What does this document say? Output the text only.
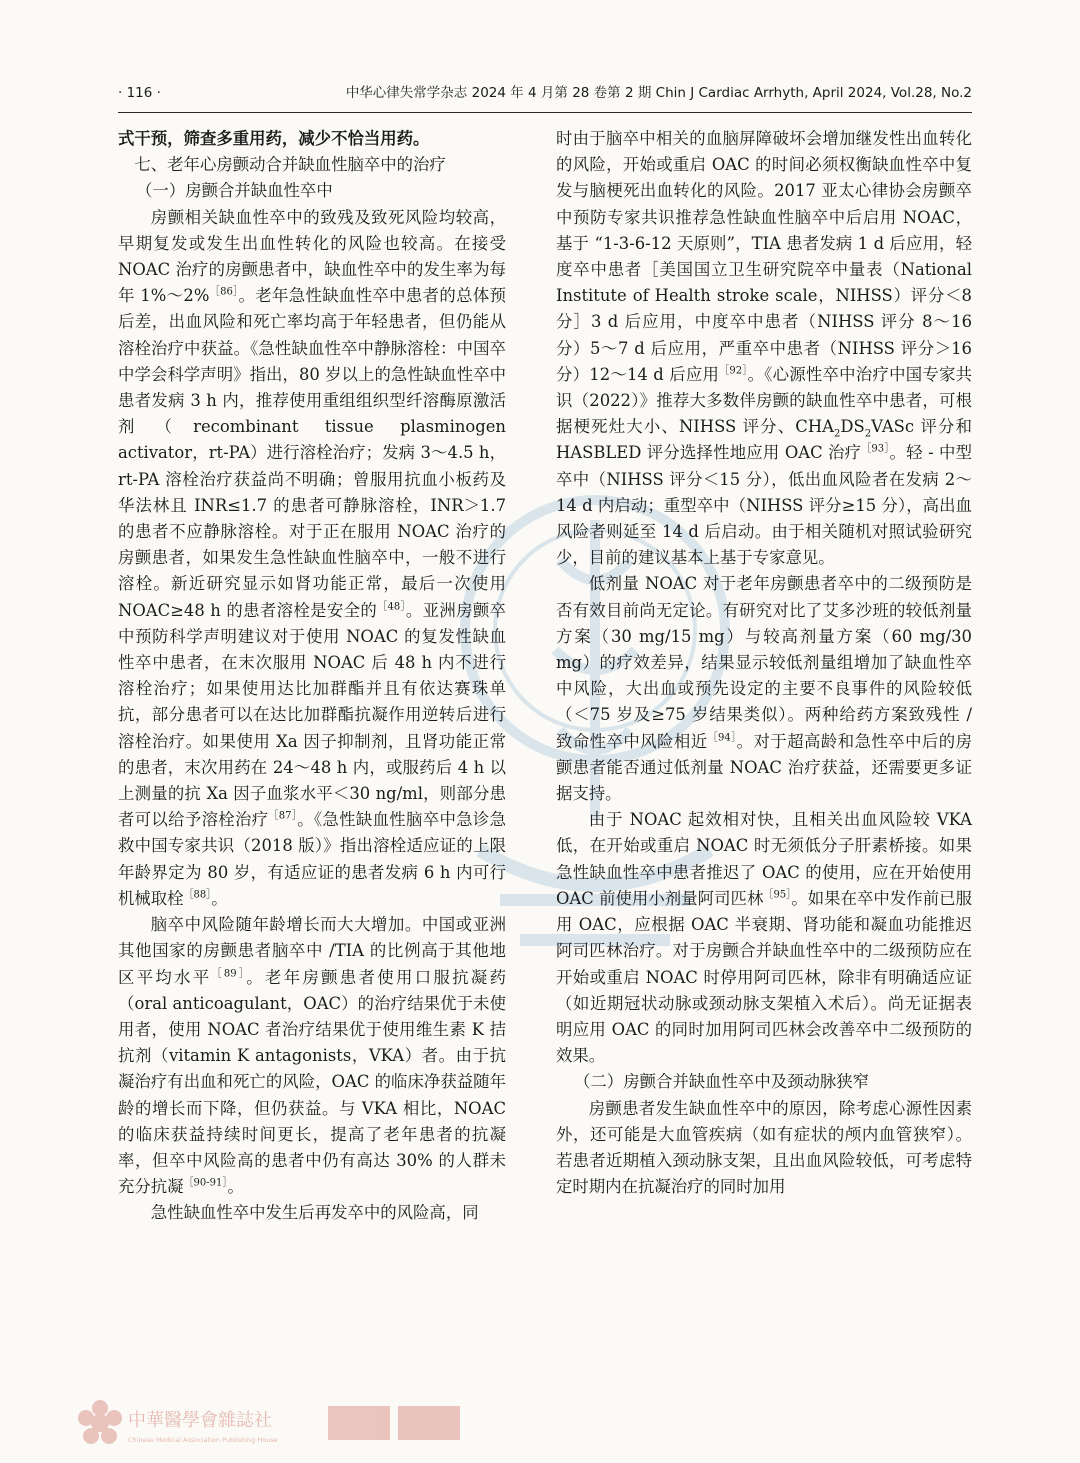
· 116 ·	中华心律失常学杂志 2024 年 4 月第 28 卷第 2 期 Chin J Cardiac Arrhyth, April 2024, Vol.28, No.2

式干预，筛查多重用药，减少不恰当用药。

七、老年心房颤动合并缺血性脑卒中的治疗

（一）房颤合并缺血性卒中

房颤相关缺血性卒中的致残及致死风险均较高，早期复发或发生出血性转化的风险也较高。在接受 NOAC 治疗的房颤患者中，缺血性卒中的发生率为每年 1%～2%$^{[86]}$。老年急性缺血性卒中患者的总体预后差，出血风险和死亡率均高于年轻患者，但仍能从溶栓治疗中获益。《急性缺血性卒中静脉溶栓：中国卒中学会科学声明》指出，80 岁以上的急性缺血性卒中患者发病 3 h 内，推荐使用重组组织型纤溶酶原激活剂（recombinant tissue plasminogen activator，rt-PA）进行溶栓治疗；发病 3～4.5 h，rt-PA 溶栓治疗获益尚不明确；曾服用抗血小板药及华法林且 INR≤1.7 的患者可静脉溶栓，INR＞1.7 的患者不应静脉溶栓。对于正在服用 NOAC 治疗的房颤患者，如果发生急性缺血性脑卒中，一般不进行溶栓。新近研究显示如肾功能正常，最后一次使用 NOAC≥48 h 的患者溶栓是安全的$^{[48]}$。亚洲房颤卒中预防科学声明建议对于使用 NOAC 的复发性缺血性卒中患者，在末次服用 NOAC 后 48 h 内不进行溶栓治疗；如果使用达比加群酯并且有依达赛珠单抗，部分患者可以在达比加群酯抗凝作用逆转后进行溶栓治疗。如果使用 Xa 因子抑制剂，且肾功能正常的患者，末次用药在 24～48 h 内，或服药后 4 h 以上测量的抗 Xa 因子血浆水平＜30 ng/ml，则部分患者可以给予溶栓治疗$^{[87]}$。《急性缺血性脑卒中急诊急救中国专家共识（2018 版）》指出溶栓适应证的上限年龄界定为 80 岁，有适应证的患者发病 6 h 内可行机械取栓$^{[88]}$。

脑卒中风险随年龄增长而大大增加。中国或亚洲其他国家的房颤患者脑卒中 /TIA 的比例高于其他地区平均水平$^{[89]}$。老年房颤患者使用口服抗凝药（oral anticoagulant，OAC）的治疗结果优于未使用者，使用 NOAC 者治疗结果优于使用维生素 K 拮抗剂（vitamin K antagonists，VKA）者。由于抗凝治疗有出血和死亡的风险，OAC 的临床净获益随年龄的增长而下降，但仍获益。与 VKA 相比，NOAC 的临床获益持续时间更长，提高了老年患者的抗凝率，但卒中风险高的患者中仍有高达 30% 的人群未充分抗凝$^{[90-91]}$。

急性缺血性卒中发生后再发卒中的风险高，同

时由于脑卒中相关的血脑屏障破坏会增加继发性出血转化的风险，开始或重启 OAC 的时间必须权衡缺血性卒中复发与脑梗死出血转化的风险。2017 亚太心律协会房颤卒中预防专家共识推荐急性缺血性脑卒中后启用 NOAC，基于 “1-3-6-12 天原则”，TIA 患者发病 1 d 后应用，轻度卒中患者［美国国立卫生研究院卒中量表（National Institute of Health stroke scale，NIHSS）评分＜8 分］3 d 后应用，中度卒中患者（NIHSS 评分 8～16 分）5～7 d 后应用，严重卒中患者（NIHSS 评分＞16 分）12～14 d 后应用$^{[92]}$。《心源性卒中治疗中国专家共识（2022）》推荐大多数伴房颤的缺血性卒中患者，可根据梗死灶大小、NIHSS 评分、$CHA_2DS_2VASc$ 评分和 HASBLED 评分选择性地应用 OAC 治疗$^{[93]}$。轻 - 中型卒中（NIHSS 评分＜15 分），低出血风险者在发病 2～14 d 内启动；重型卒中（NIHSS 评分≥15 分），高出血风险者则延至 14 d 后启动。由于相关随机对照试验研究少，目前的建议基本上基于专家意见。

低剂量 NOAC 对于老年房颤患者卒中的二级预防是否有效目前尚无定论。有研究对比了艾多沙班的较低剂量方案（30 mg/15 mg）与较高剂量方案（60 mg/30 mg）的疗效差异，结果显示较低剂量组增加了缺血性卒中风险，大出血或预先设定的主要不良事件的风险较低（＜75 岁及≥75 岁结果类似）。两种给药方案致残性 / 致命性卒中风险相近$^{[94]}$。对于超高龄和急性卒中后的房颤患者能否通过低剂量 NOAC 治疗获益，还需要更多证据支持。

由于 NOAC 起效相对快，且相关出血风险较 VKA 低，在开始或重启 NOAC 时无须低分子肝素桥接。如果急性缺血性卒中患者推迟了 OAC 的使用，应在开始使用 OAC 前使用小剂量阿司匹林$^{[95]}$。如果在卒中发作前已服用 OAC，应根据 OAC 半衰期、肾功能和凝血功能推迟阿司匹林治疗。对于房颤合并缺血性卒中的二级预防应在开始或重启 NOAC 时停用阿司匹林，除非有明确适应证（如近期冠状动脉或颈动脉支架植入术后）。尚无证据表明应用 OAC 的同时加用阿司匹林会改善卒中二级预防的效果。

（二）房颤合并缺血性卒中及颈动脉狭窄

房颤患者发生缺血性卒中的原因，除考虑心源性因素外，还可能是大血管疾病（如有症状的颅内血管狭窄）。若患者近期植入颈动脉支架，且出血风险较低，可考虑特定时期内在抗凝治疗的同时加用

中華醫學會雜誌社
Chinese Medical Association Publishing House
